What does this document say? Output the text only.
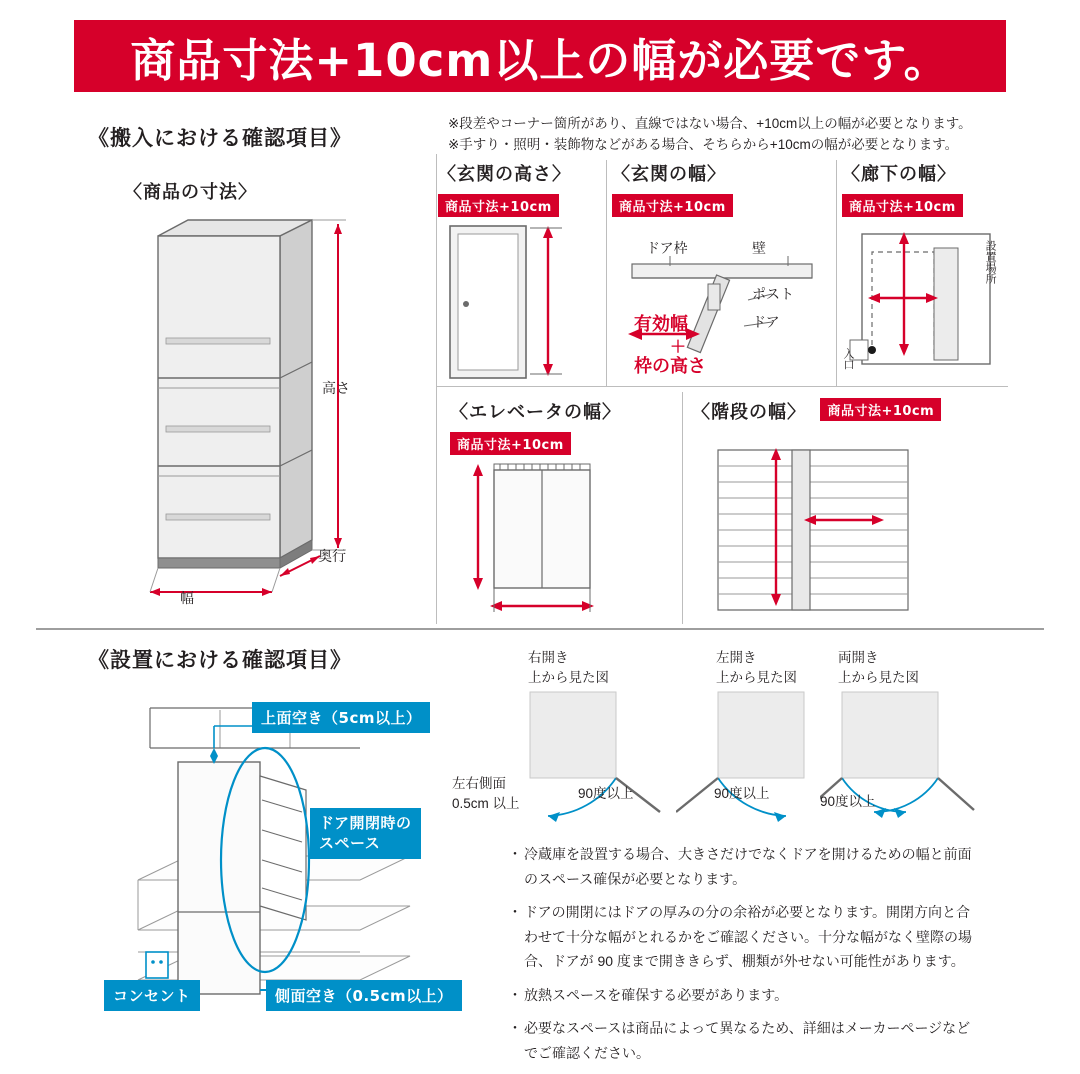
商品寸法+10cm以上の幅が必要です。
※段差やコーナー箇所があり、直線ではない場合、+10cm以上の幅が必要となります。
※手すり・照明・装飾物などがある場合、そちらから+10cmの幅が必要となります。
《搬入における確認項目》
〈商品の寸法〉
高さ
奥行
幅
〈玄関の高さ〉
商品寸法+10cm
〈玄関の幅〉
商品寸法+10cm
ドア枠	壁
ポスト
ドア
有効幅
＋
枠の高さ
〈廊下の幅〉
商品寸法+10cm
設置場所
入口
〈エレベータの幅〉
商品寸法+10cm
〈階段の幅〉 商品寸法+10cm
《設置における確認項目》
上面空き（5cm以上）
ドア開閉時の
スペース
コンセント	側面空き（0.5cm以上）
右開き
上から見た図
90度以上
左右側面
0.5cm 以上
左開き
上から見た図
90度以上
両開き
上から見た図
90度以上
・ 冷蔵庫を設置する場合、大きさだけでなくドアを開けるための幅と前面のスペース確保が必要となります。
・ ドアの開閉にはドアの厚みの分の余裕が必要となります。開閉方向と合わせて十分な幅がとれるかをご確認ください。十分な幅がなく壁際の場合、ドアが 90 度まで開ききらず、棚類が外せない可能性があります。
・ 放熱スペースを確保する必要があります。
・ 必要なスペースは商品によって異なるため、詳細はメーカーページなどでご確認ください。
